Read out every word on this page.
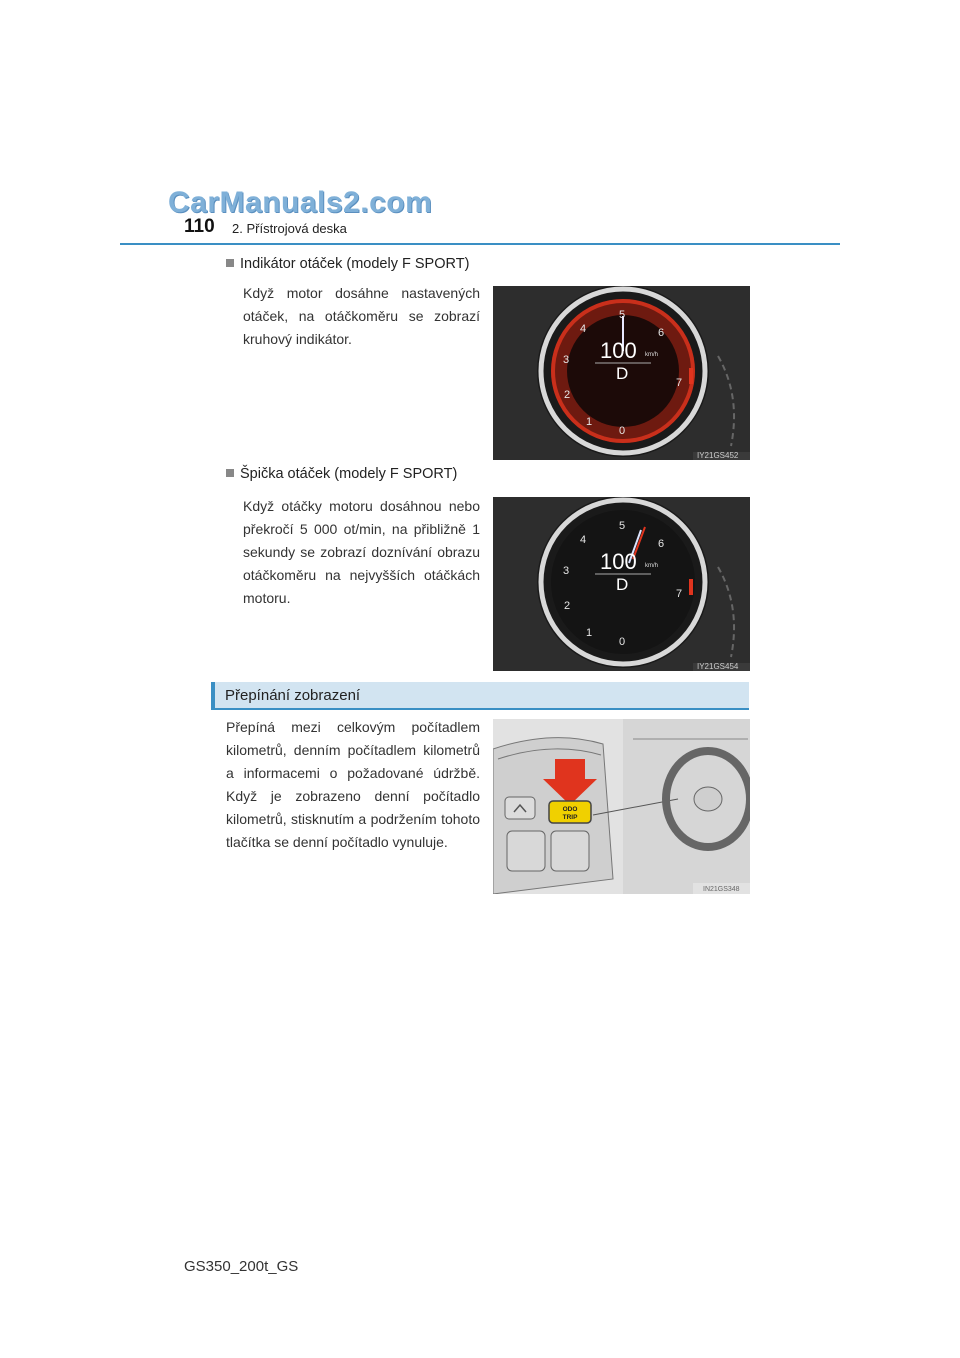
CarManuals2.com
110 2. Přístrojová deska
Indikátor otáček (modely F SPORT)
Když motor dosáhne nastavených otáček, na otáčkoměru se zobrazí kruhový indikátor.
0
1
2
3
4
5
6
7
100 km/h
D
IY21GS452
Špička otáček (modely F SPORT)
Když otáčky motoru dosáhnou nebo překročí 5 000 ot/min, na přibližně 1 sekundy se zobrazí doznívání obrazu otáčkoměru na nejvyšších otáčkách motoru.
0
1
2
3
4
5
6
7
100 km/h
D
IY21GS454
Přepínání zobrazení
Přepíná mezi celkovým počítadlem kilometrů, denním počítadlem kilometrů a informacemi o požadované údržbě. Když je zobrazeno denní počítadlo kilometrů, stisknutím a podržením tohoto tlačítka se denní počítadlo vynuluje.
ODO
TRIP
IN21GS348
GS350_200t_GS
